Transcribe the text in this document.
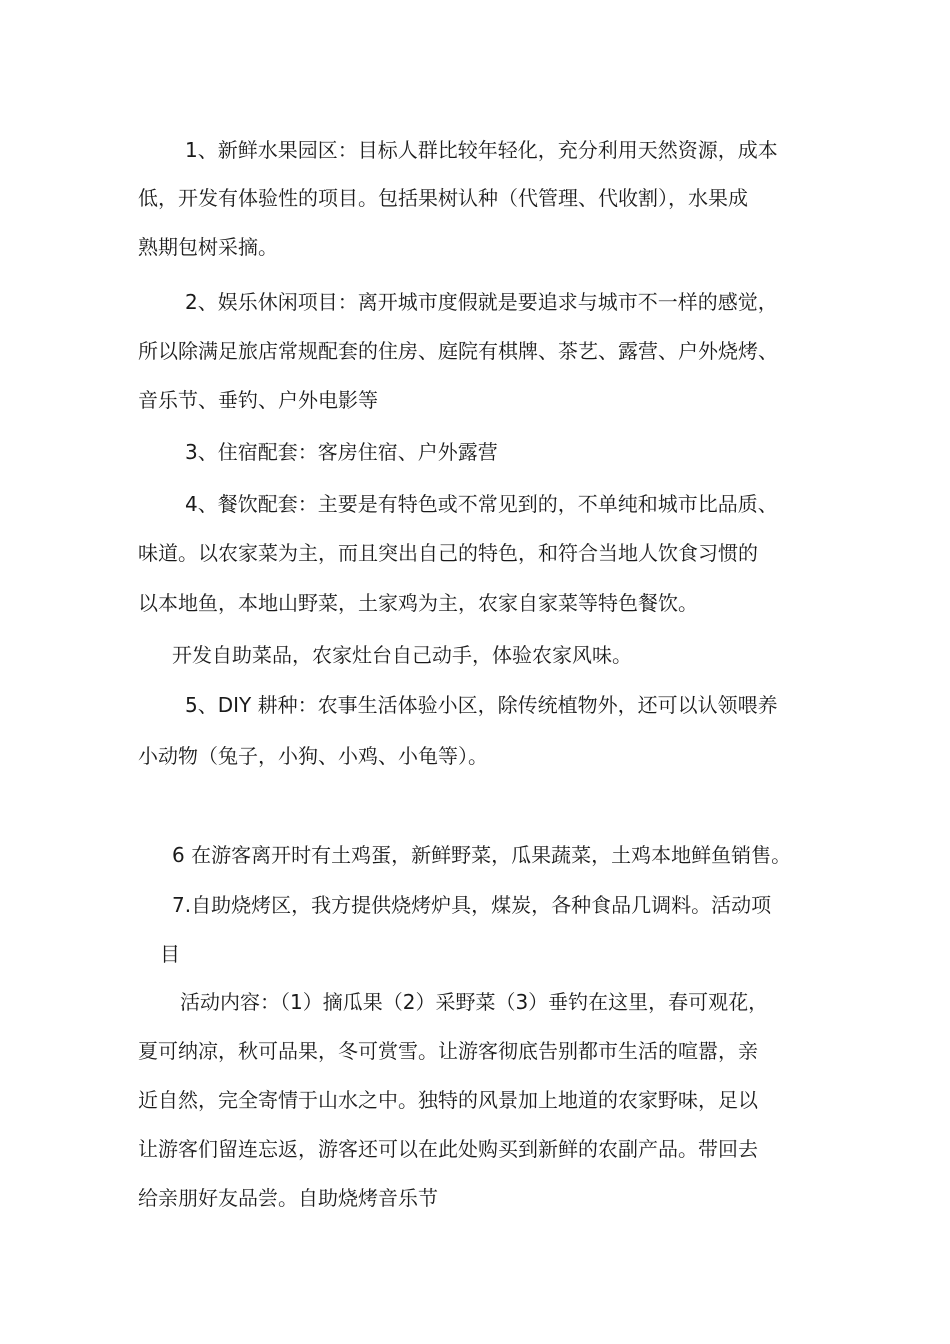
1、新鲜水果园区：目标人群比较年轻化，充分利用天然资源，成本
低，开发有体验性的项目。包括果树认种（代管理、代收割），水果成
熟期包树采摘。
2、娱乐休闲项目：离开城市度假就是要追求与城市不一样的感觉，
所以除满足旅店常规配套的住房、庭院有棋牌、茶艺、露营、户外烧烤、
音乐节、垂钓、户外电影等
3、住宿配套：客房住宿、户外露营
4、餐饮配套：主要是有特色或不常见到的，不单纯和城市比品质、
味道。以农家菜为主，而且突出自己的特色，和符合当地人饮食习惯的
以本地鱼，本地山野菜，土家鸡为主，农家自家菜等特色餐饮。
开发自助菜品，农家灶台自己动手，体验农家风味。
5、DIY 耕种：农事生活体验小区，除传统植物外，还可以认领喂养
小动物（兔子，小狗、小鸡、小龟等）。
6 在游客离开时有土鸡蛋，新鲜野菜，瓜果蔬菜，土鸡本地鲜鱼销售。
7.自助烧烤区，我方提供烧烤炉具，煤炭，各种食品几调料。活动项
目
活动内容：（1）摘瓜果（2）采野菜（3）垂钓在这里，春可观花，
夏可纳凉，秋可品果，冬可赏雪。让游客彻底告别都市生活的喧嚣，亲
近自然，完全寄情于山水之中。独特的风景加上地道的农家野味，足以
让游客们留连忘返，游客还可以在此处购买到新鲜的农副产品。带回去
给亲朋好友品尝。自助烧烤音乐节
